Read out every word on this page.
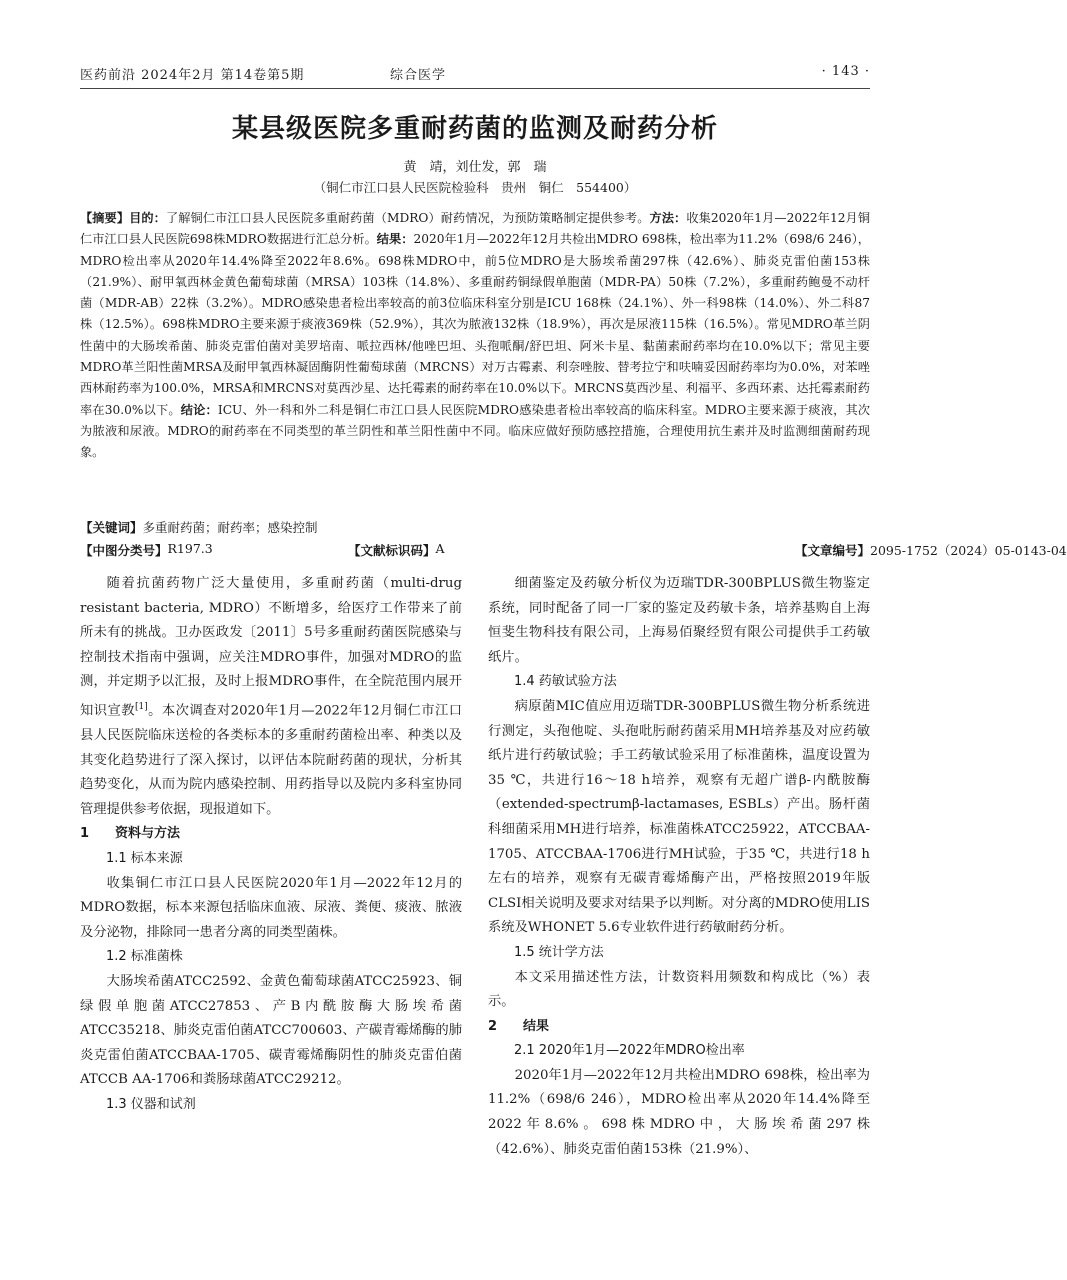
医药前沿 2024年2月 第14卷第5期	综合医学	· 143 ·
某县级医院多重耐药菌的监测及耐药分析
黄　靖，刘仕发，郭　瑞
（铜仁市江口县人民医院检验科　贵州　铜仁　554400）
【摘要】目的：了解铜仁市江口县人民医院多重耐药菌（MDRO）耐药情况，为预防策略制定提供参考。方法：收集2020年1月—2022年12月铜仁市江口县人民医院698株MDRO数据进行汇总分析。结果：2020年1月—2022年12月共检出MDRO 698株，检出率为11.2%（698/6 246），MDRO检出率从2020年14.4%降至2022年8.6%。698株MDRO中，前5位MDRO是大肠埃希菌297株（42.6%）、肺炎克雷伯菌153株（21.9%）、耐甲氧西林金黄色葡萄球菌（MRSA）103株（14.8%）、多重耐药铜绿假单胞菌（MDR-PA）50株（7.2%），多重耐药鲍曼不动杆菌（MDR-AB）22株（3.2%）。MDRO感染患者检出率较高的前3位临床科室分别是ICU 168株（24.1%）、外一科98株（14.0%）、外二科87株（12.5%）。698株MDRO主要来源于痰液369株（52.9%），其次为脓液132株（18.9%），再次是尿液115株（16.5%）。常见MDRO革兰阴性菌中的大肠埃希菌、肺炎克雷伯菌对美罗培南、哌拉西林/他唑巴坦、头孢哌酮/舒巴坦、阿米卡星、黏菌素耐药率均在10.0%以下；常见主要MDRO革兰阳性菌MRSA及耐甲氧西林凝固酶阴性葡萄球菌（MRCNS）对万古霉素、利奈唑胺、替考拉宁和呋喃妥因耐药率均为0.0%，对苯唑西林耐药率为100.0%，MRSA和MRCNS对莫西沙星、达托霉素的耐药率在10.0%以下。MRCNS莫西沙星、利福平、多西环素、达托霉素耐药率在30.0%以下。结论：ICU、外一科和外二科是铜仁市江口县人民医院MDRO感染患者检出率较高的临床科室。MDRO主要来源于痰液，其次为脓液和尿液。MDRO的耐药率在不同类型的革兰阴性和革兰阳性菌中不同。临床应做好预防感控措施，合理使用抗生素并及时监测细菌耐药现象。
【关键词】多重耐药菌；耐药率；感染控制
【中图分类号】 R197.3	【文献标识码】 A	【文章编号】 2095-1752（2024）05-0143-04

随着抗菌药物广泛大量使用，多重耐药菌（multi-drug resistant bacteria, MDRO）不断增多，给医疗工作带来了前所未有的挑战。卫办医政发〔2011〕5号多重耐药菌医院感染与控制技术指南中强调，应关注MDRO事件，加强对MDRO的监测，并定期予以汇报，及时上报MDRO事件，在全院范围内展开知识宣教[1]。本次调查对2020年1月—2022年12月铜仁市江口县人民医院临床送检的各类标本的多重耐药菌检出率、种类以及其变化趋势进行了深入探讨，以评估本院耐药菌的现状，分析其趋势变化，从而为院内感染控制、用药指导以及院内多科室协同管理提供参考依据，现报道如下。

1　　资料与方法
1.1 标本来源

收集铜仁市江口县人民医院2020年1月—2022年12月的MDRO数据，标本来源包括临床血液、尿液、粪便、痰液、脓液及分泌物，排除同一患者分离的同类型菌株。

1.2 标准菌株

大肠埃希菌ATCC2592、金黄色葡萄球菌ATCC25923、铜绿假单胞菌ATCC27853、产B内酰胺酶大肠埃希菌ATCC35218、肺炎克雷伯菌ATCC700603、产碳青霉烯酶的肺炎克雷伯菌ATCCBAA-1705、碳青霉烯酶阴性的肺炎克雷伯菌ATCCB AA-1706和粪肠球菌ATCC29212。

1.3 仪器和试剂

细菌鉴定及药敏分析仪为迈瑞TDR-300BPLUS微生物鉴定系统，同时配备了同一厂家的鉴定及药敏卡条，培养基购自上海恒斐生物科技有限公司，上海易佰聚经贸有限公司提供手工药敏纸片。

1.4 药敏试验方法

病原菌MIC值应用迈瑞TDR-300BPLUS微生物分析系统进行测定，头孢他啶、头孢吡肟耐药菌采用MH培养基及对应药敏纸片进行药敏试验；手工药敏试验采用了标准菌株，温度设置为35 ℃，共进行16～18 h培养，观察有无超广谱β-内酰胺酶（extended-spectrumβ-lactamases, ESBLs）产出。肠杆菌科细菌采用MH进行培养，标准菌株ATCC25922，ATCCBAA-1705、ATCCBAA-1706进行MH试验，于35 ℃，共进行18 h左右的培养，观察有无碳青霉烯酶产出，严格按照2019年版CLSI相关说明及要求对结果予以判断。对分离的MDRO使用LIS系统及WHONET 5.6专业软件进行药敏耐药分析。

1.5 统计学方法

本文采用描述性方法，计数资料用频数和构成比（%）表示。

2　　结果
2.1 2020年1月—2022年MDRO检出率

2020年1月—2022年12月共检出MDRO 698株，检出率为11.2%（698/6 246），MDRO检出率从2020年14.4%降至2022年8.6%。698株MDRO中，大肠埃希菌297株（42.6%）、肺炎克雷伯菌153株（21.9%）、
